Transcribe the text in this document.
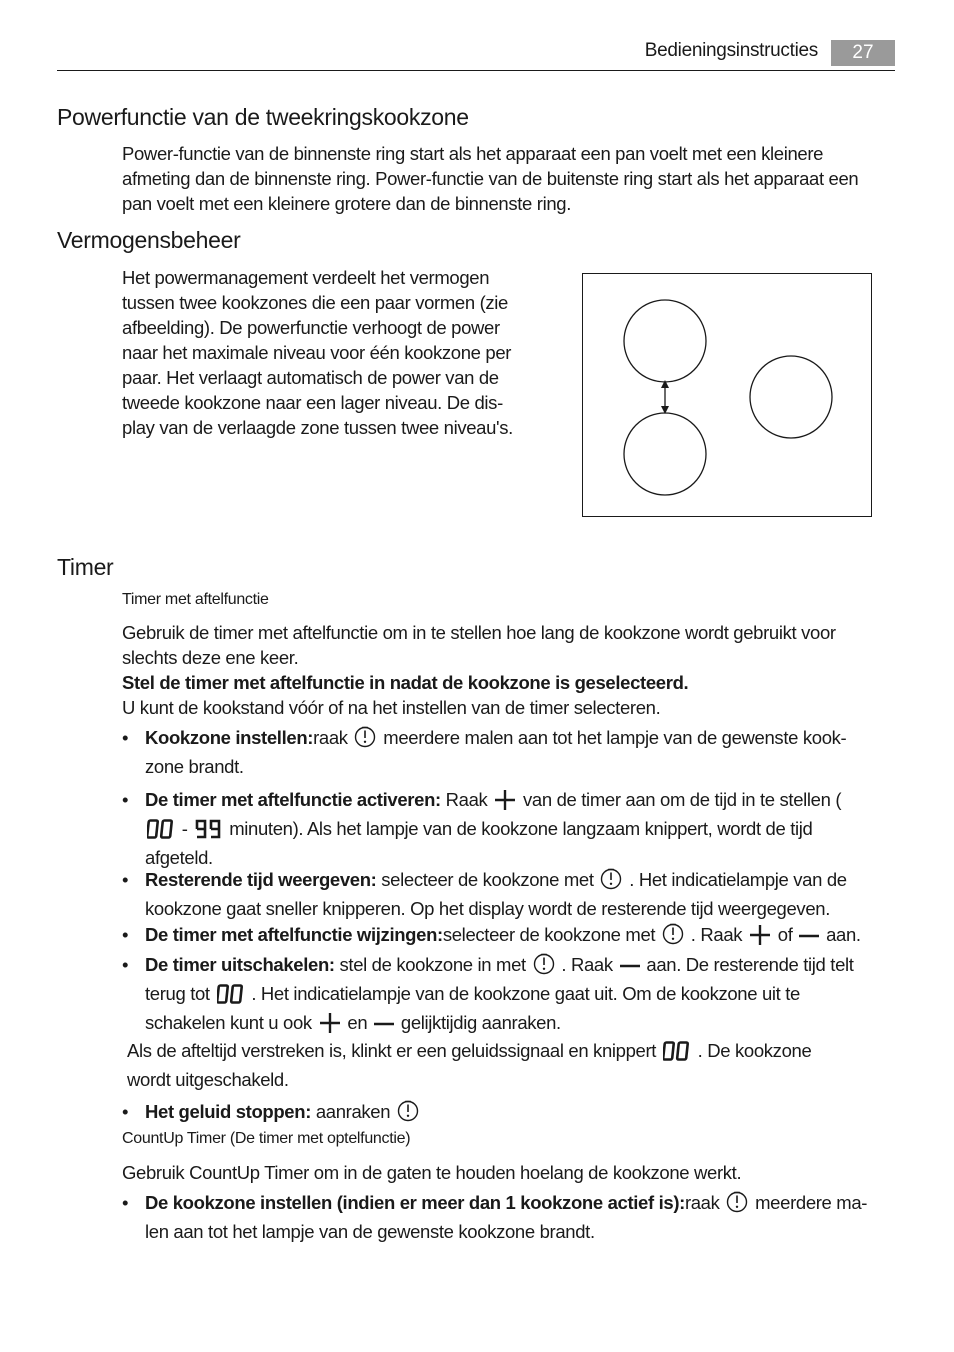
Bedieningsinstructies	27
Powerfunctie van de tweekringskookzone

Power-functie van de binnenste ring start als het apparaat een pan voelt met een kleinere afmeting dan de binnenste ring. Power-functie van de buitenste ring start als het apparaat een pan voelt met een kleinere grotere dan de binnenste ring.

Vermogensbeheer
Het powermanagement verdeelt het vermogen
tussen twee kookzones die een paar vormen (zie
afbeelding). De powerfunctie verhoogt de power
naar het maximale niveau voor één kookzone per
paar. Het verlaagt automatisch de power van de
tweede kookzone naar een lager niveau. De dis-
play van de verlaagde zone tussen twee niveau's.
Timer
Timer met aftelfunctie

Gebruik de timer met aftelfunctie om in te stellen hoe lang de kookzone wordt gebruikt voor slechts deze ene keer.

Stel de timer met aftelfunctie in nadat de kookzone is geselecteerd.
U kunt de kookstand vóór of na het instellen van de timer selecteren.
• Kookzone instellen:raak meerdere malen aan tot het lampje van de gewenste kook-
zone brandt.
• De timer met aftelfunctie activeren: Raak van de timer aan om de tijd in te stellen (
- minuten). Als het lampje van de kookzone langzaam knippert, wordt de tijd
afgeteld.
• Resterende tijd weergeven: selecteer de kookzone met . Het indicatielampje van de
kookzone gaat sneller knipperen. Op het display wordt de resterende tijd weergegeven.
• De timer met aftelfunctie wijzingen:selecteer de kookzone met . Raak of aan.
• De timer uitschakelen: stel de kookzone in met . Raak aan. De resterende tijd telt
terug tot . Het indicatielampje van de kookzone gaat uit. Om de kookzone uit te
schakelen kunt u ook en gelijktijdig aanraken.
Als de afteltijd verstreken is, klinkt er een geluidssignaal en knippert . De kookzone
wordt uitgeschakeld.
• Het geluid stoppen: aanraken
CountUp Timer (De timer met optelfunctie)
Gebruik CountUp Timer om in de gaten te houden hoelang de kookzone werkt.
• De kookzone instellen (indien er meer dan 1 kookzone actief is):raak meerdere ma-
len aan tot het lampje van de gewenste kookzone brandt.
